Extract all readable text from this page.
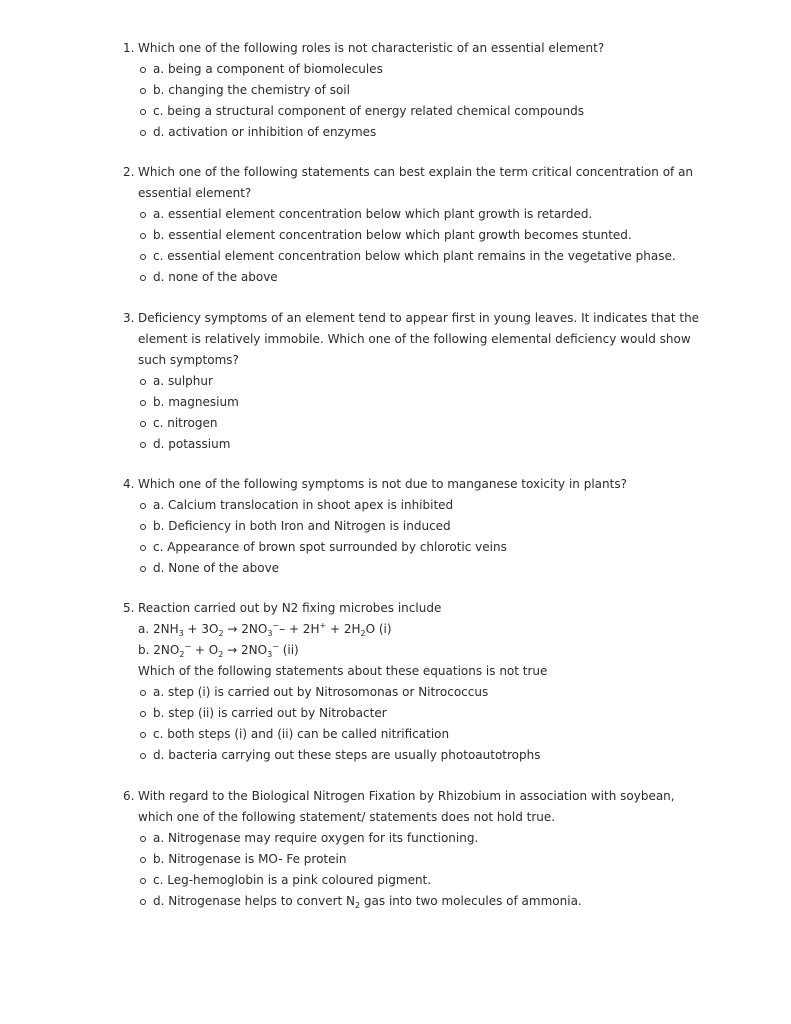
1. Which one of the following roles is not characteristic of an essential element?
a. being a component of biomolecules
b. changing the chemistry of soil
c. being a structural component of energy related chemical compounds
d. activation or inhibition of enzymes
2. Which one of the following statements can best explain the term critical concentration of an
essential element?
a. essential element concentration below which plant growth is retarded.
b. essential element concentration below which plant growth becomes stunted.
c. essential element concentration below which plant remains in the vegetative phase.
d. none of the above
3. Deficiency symptoms of an element tend to appear first in young leaves. It indicates that the
element is relatively immobile. Which one of the following elemental deficiency would show
such symptoms?
a. sulphur
b. magnesium
c. nitrogen
d. potassium
4. Which one of the following symptoms is not due to manganese toxicity in plants?
a. Calcium translocation in shoot apex is inhibited
b. Deficiency in both Iron and Nitrogen is induced
c. Appearance of brown spot surrounded by chlorotic veins
d. None of the above
5. Reaction carried out by N2 fixing microbes include
a. $2NH_3 + 3O_2 \to 2NO_3^-- + 2H^+ + 2H_2O$ (i)
b. $2NO_2^- + O_2 \to 2NO_3^-$ (ii)
Which of the following statements about these equations is not true
a. step (i) is carried out by Nitrosomonas or Nitrococcus
b. step (ii) is carried out by Nitrobacter
c. both steps (i) and (ii) can be called nitrification
d. bacteria carrying out these steps are usually photoautotrophs
6. With regard to the Biological Nitrogen Fixation by Rhizobium in association with soybean,
which one of the following statement/ statements does not hold true.
a. Nitrogenase may require oxygen for its functioning.
b. Nitrogenase is MO- Fe protein
c. Leg-hemoglobin is a pink coloured pigment.
d. Nitrogenase helps to convert $N_2$ gas into two molecules of ammonia.
